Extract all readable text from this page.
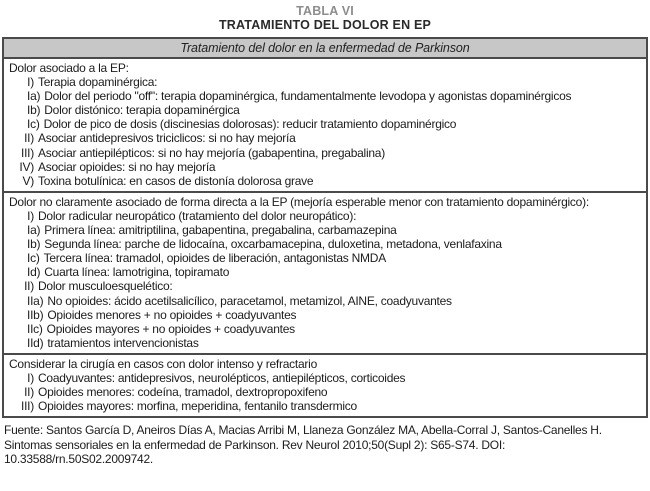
TABLA VI
TRATAMIENTO DEL DOLOR EN EP
Tratamiento del dolor en la enfermedad de Parkinson
Dolor asociado a la EP:
I) Terapia dopaminérgica:
Ia) Dolor del periodo "off": terapia dopaminérgica, fundamentalmente levodopa y agonistas dopaminérgicos
Ib) Dolor distónico: terapia dopaminérgica
Ic) Dolor de pico de dosis (discinesias dolorosas): reducir tratamiento dopaminérgico
II) Asociar antidepresivos triciclicos: si no hay mejoría
III) Asociar antiepilépticos: si no hay mejoría (gabapentina, pregabalina)
IV) Asociar opioides: si no hay mejoría
V) Toxina botulínica: en casos de distonía dolorosa grave
Dolor no claramente asociado de forma directa a la EP (mejoría esperable menor con tratamiento dopaminérgico):
I) Dolor radicular neuropático (tratamiento del dolor neuropático):
Ia) Primera línea: amitriptilina, gabapentina, pregabalina, carbamazepina
Ib) Segunda línea: parche de lidocaína, oxcarbamacepina, duloxetina, metadona, venlafaxina
Ic) Tercera línea: tramadol, opioides de liberación, antagonistas NMDA
Id) Cuarta línea: lamotrigina, topiramato
II) Dolor musculoesquelético:
IIa) No opioides: ácido acetilsalicílico, paracetamol, metamizol, AINE, coadyuvantes
IIb) Opioides menores + no opioides + coadyuvantes
IIc) Opioides mayores + no opioides + coadyuvantes
IId) tratamientos intervencionistas
Considerar la cirugía en casos con dolor intenso y refractario
I) Coadyuvantes: antidepresivos, neurolépticos, antiepilépticos, corticoides
II) Opioides menores: codeína, tramadol, dextropropoxifeno
III) Opioides mayores: morfina, meperidina, fentanilo transdermico
Fuente: Santos García D, Aneiros Días A, Macias Arribi M, Llaneza González MA, Abella-Corral J, Santos-Canelles H. Sintomas sensoriales en la enfermedad de Parkinson. Rev Neurol 2010;50(Supl 2): S65-S74. DOI: 10.33588/rn.50S02.2009742.
